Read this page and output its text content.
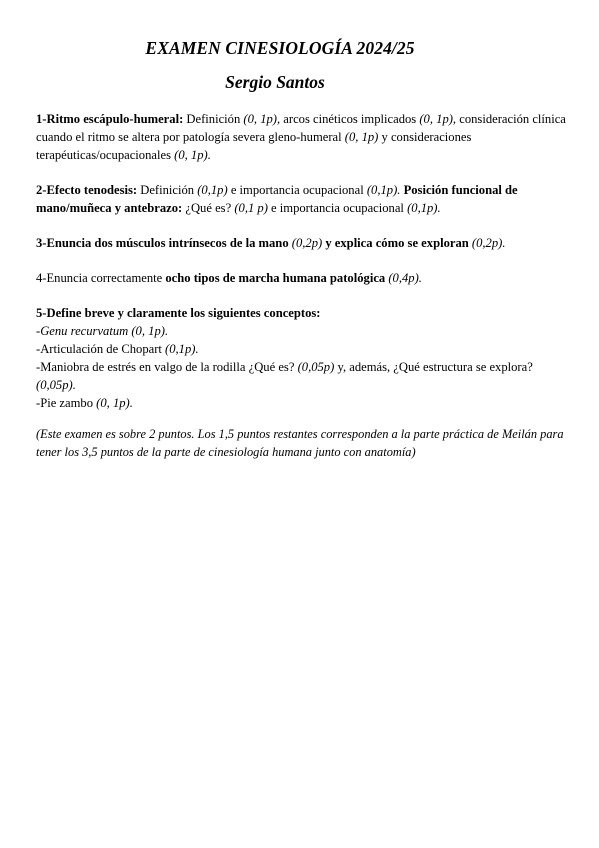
EXAMEN CINESIOLOGÍA 2024/25
Sergio Santos

1-Ritmo escápulo-humeral: Definición (0, 1p), arcos cinéticos implicados (0, 1p), consideración clínica cuando el ritmo se altera por patología severa gleno-humeral (0, 1p) y consideraciones terapéuticas/ocupacionales (0, 1p).

2-Efecto tenodesis: Definición (0,1p) e importancia ocupacional (0,1p). Posición funcional de mano/muñeca y antebrazo: ¿Qué es? (0,1 p) e importancia ocupacional (0,1p).

3-Enuncia dos músculos intrínsecos de la mano (0,2p) y explica cómo se exploran (0,2p).

4-Enuncia correctamente ocho tipos de marcha humana patológica (0,4p).

5-Define breve y claramente los siguientes conceptos:

-Genu recurvatum (0, 1p).
-Articulación de Chopart (0,1p).
-Maniobra de estrés en valgo de la rodilla ¿Qué es? (0,05p) y, además, ¿Qué estructura se explora? (0,05p).
-Pie zambo (0, 1p).

(Este examen es sobre 2 puntos. Los 1,5 puntos restantes corresponden a la parte práctica de Meilán para tener los 3,5 puntos de la parte de cinesiología humana junto con anatomía)
